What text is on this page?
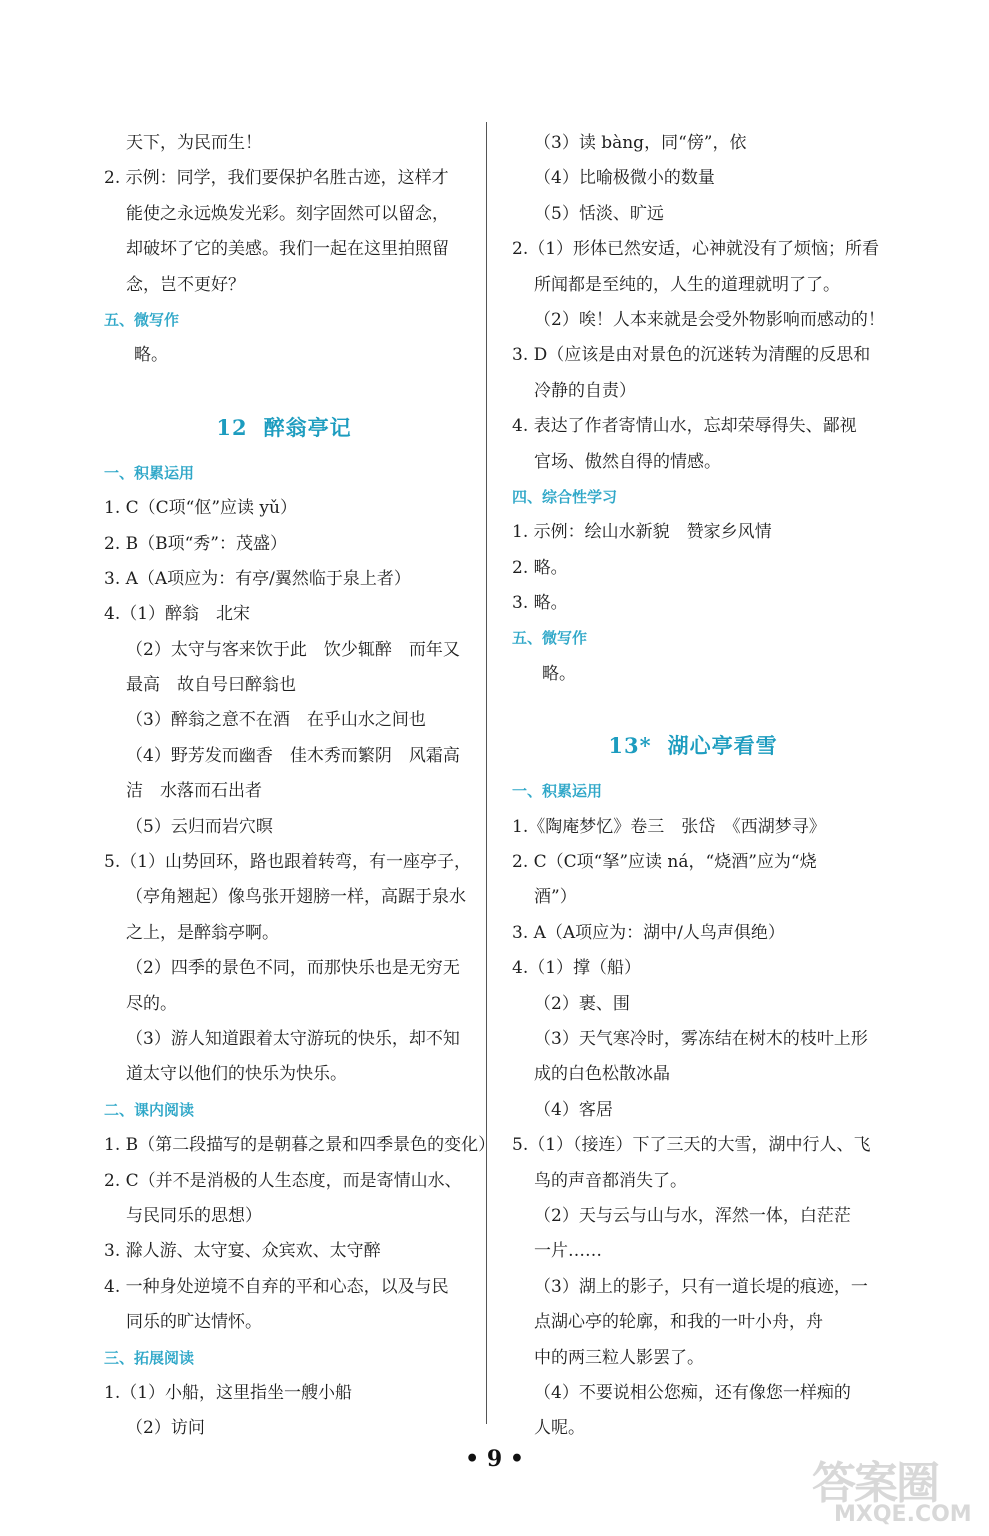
天下，为民而生！
2. 示例：同学，我们要保护名胜古迹，这样才
能使之永远焕发光彩。刻字固然可以留念，
却破坏了它的美感。我们一起在这里拍照留
念，岂不更好？
五、微写作
略。
12 醉翁亭记
一、积累运用
1. C（C项“伛”应读 yǔ）
2. B（B项“秀”：茂盛）
3. A（A项应为：有亭/翼然临于泉上者）
4.（1）醉翁　北宋
（2）太守与客来饮于此　饮少辄醉　而年又
最高　故自号曰醉翁也
（3）醉翁之意不在酒　在乎山水之间也
（4）野芳发而幽香　佳木秀而繁阴　风霜高
洁　水落而石出者
（5）云归而岩穴暝
5.（1）山势回环，路也跟着转弯，有一座亭子，
（亭角翘起）像鸟张开翅膀一样，高踞于泉水
之上，是醉翁亭啊。
（2）四季的景色不同，而那快乐也是无穷无
尽的。
（3）游人知道跟着太守游玩的快乐，却不知
道太守以他们的快乐为快乐。
二、课内阅读
1. B（第二段描写的是朝暮之景和四季景色的变化）
2. C（并不是消极的人生态度，而是寄情山水、
与民同乐的思想）
3. 滁人游、太守宴、众宾欢、太守醉
4. 一种身处逆境不自弃的平和心态，以及与民
同乐的旷达情怀。
三、拓展阅读
1.（1）小船，这里指坐一艘小船
（2）访问
（3）读 bàng，同“傍”，依
（4）比喻极微小的数量
（5）恬淡、旷远
2.（1）形体已然安适，心神就没有了烦恼；所看
所闻都是至纯的，人生的道理就明了了。
（2）唉！人本来就是会受外物影响而感动的！
3. D（应该是由对景色的沉迷转为清醒的反思和
冷静的自责）
4. 表达了作者寄情山水，忘却荣辱得失、鄙视
官场、傲然自得的情感。
四、综合性学习
1. 示例：绘山水新貌　赞家乡风情
2. 略。
3. 略。
五、微写作
略。
13* 湖心亭看雪
一、积累运用
1.《陶庵梦忆》卷三　张岱　《西湖梦寻》
2. C（C项“拏”应读 ná，“烧酒”应为“烧
酒”）
3. A（A项应为：湖中/人鸟声俱绝）
4.（1）撑（船）
（2）裹、围
（3）天气寒冷时，雾冻结在树木的枝叶上形
成的白色松散冰晶
（4）客居
5.（1）（接连）下了三天的大雪，湖中行人、飞
鸟的声音都消失了。
（2）天与云与山与水，浑然一体，白茫茫
一片……
（3）湖上的影子，只有一道长堤的痕迹，一
点湖心亭的轮廓，和我的一叶小舟，舟
中的两三粒人影罢了。
（4）不要说相公您痴，还有像您一样痴的
人呢。
• 9 •	答案圈
MXQE.COM
